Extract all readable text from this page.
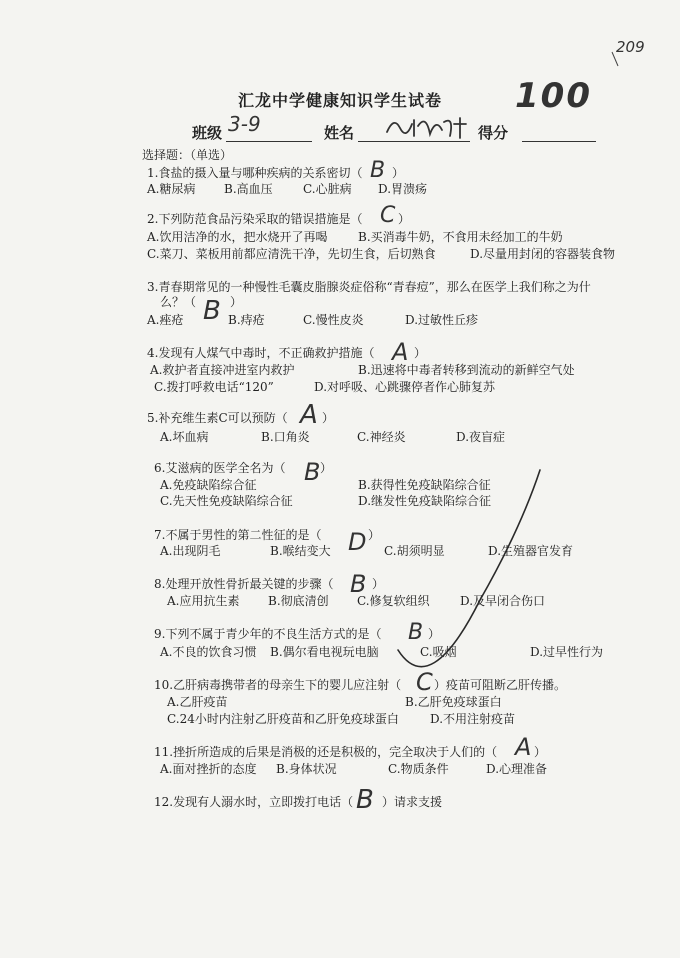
209
汇龙中学健康知识学生试卷	100
班级 3-9	姓名	得分
选择题：（单选）
1.食盐的摄入量与哪种疾病的关系密切（ B ）
A.糖尿病 B.高血压	C.心脏病 D.胃溃疡
2.下列防范食品污染采取的错误措施是（ C ）
A.饮用洁净的水，把水烧开了再喝	B.买消毒牛奶，不食用未经加工的牛奶
C.菜刀、菜板用前都应清洗干净，先切生食，后切熟食	D.尽量用封闭的容器装食物
3.青春期常见的一种慢性毛囊皮脂腺炎症俗称“青春痘”，那么在医学上我们称之为什
么？（ B ）
A.痤疮	B.痔疮	C.慢性皮炎	D.过敏性丘疹
4.发现有人煤气中毒时，不正确救护措施（ A ）
A.救护者直接冲进室内救护	B.迅速将中毒者转移到流动的新鲜空气处
C.拨打呼救电话“120”	D.对呼吸、心跳骤停者作心肺复苏
5.补充维生素C可以预防（ A ）
A.坏血病	B.口角炎	C.神经炎	D.夜盲症
6.艾滋病的医学全名为（ B ）
A.免疫缺陷综合征	B.获得性免疫缺陷综合征
C.先天性免疫缺陷综合征	D.继发性免疫缺陷综合征
7.不属于男性的第二性征的是（ D ）
A.出现阴毛	B.喉结变大	C.胡须明显	D.生殖器官发育
8.处理开放性骨折最关键的步骤（ B ）
A.应用抗生素 B.彻底清创 C.修复软组织	D.及早闭合伤口
9.下列不属于青少年的不良生活方式的是（ B ）
A.不良的饮食习惯 B.偶尔看电视玩电脑	C.吸烟	D.过早性行为
10.乙肝病毒携带者的母亲生下的婴儿应注射（ C ）疫苗可阻断乙肝传播。
A.乙肝疫苗	B.乙肝免疫球蛋白
C.24小时内注射乙肝疫苗和乙肝免疫球蛋白	D.不用注射疫苗
11.挫折所造成的后果是消极的还是积极的，完全取决于人们的（ A ）
A.面对挫折的态度 B.身体状况	C.物质条件	D.心理准备
12.发现有人溺水时，立即拨打电话（ B ）请求支援
